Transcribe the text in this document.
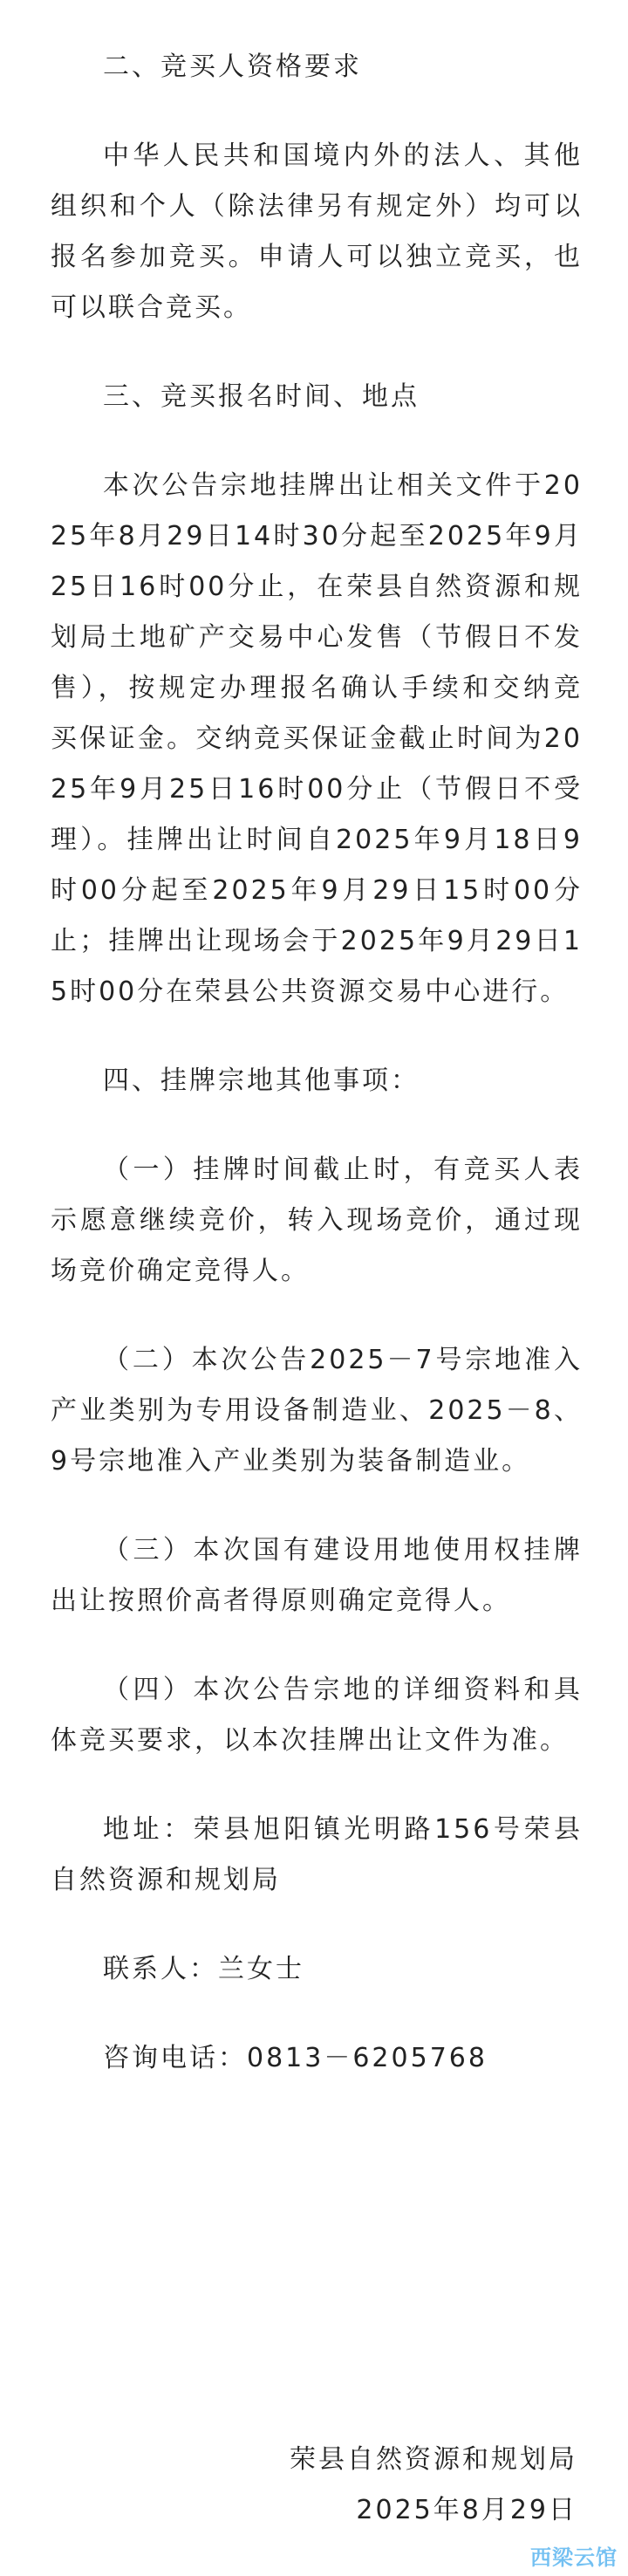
二、竞买人资格要求

中华人民共和国境内外的法人、其他组织和个人（除法律另有规定外）均可以报名参加竞买。申请人可以独立竞买，也可以联合竞买。

三、竞买报名时间、地点

本次公告宗地挂牌出让相关文件于2025年8月29日14时30分起至2025年9月25日16时00分止，在荣县自然资源和规划局土地矿产交易中心发售（节假日不发售），按规定办理报名确认手续和交纳竞买保证金。交纳竞买保证金截止时间为2025年9月25日16时00分止（节假日不受理）。挂牌出让时间自2025年9月18日9时00分起至2025年9月29日15时00分止；挂牌出让现场会于2025年9月29日15时00分在荣县公共资源交易中心进行。

四、挂牌宗地其他事项：

（一）挂牌时间截止时，有竞买人表示愿意继续竞价，转入现场竞价，通过现场竞价确定竞得人。

（二）本次公告2025－7号宗地准入产业类别为专用设备制造业、2025－8、9号宗地准入产业类别为装备制造业。

（三）本次国有建设用地使用权挂牌出让按照价高者得原则确定竞得人。

（四）本次公告宗地的详细资料和具体竞买要求，以本次挂牌出让文件为准。

地址：荣县旭阳镇光明路156号荣县自然资源和规划局

联系人：兰女士

咨询电话：0813－6205768

荣县自然资源和规划局

2025年8月29日

西梁云馆
